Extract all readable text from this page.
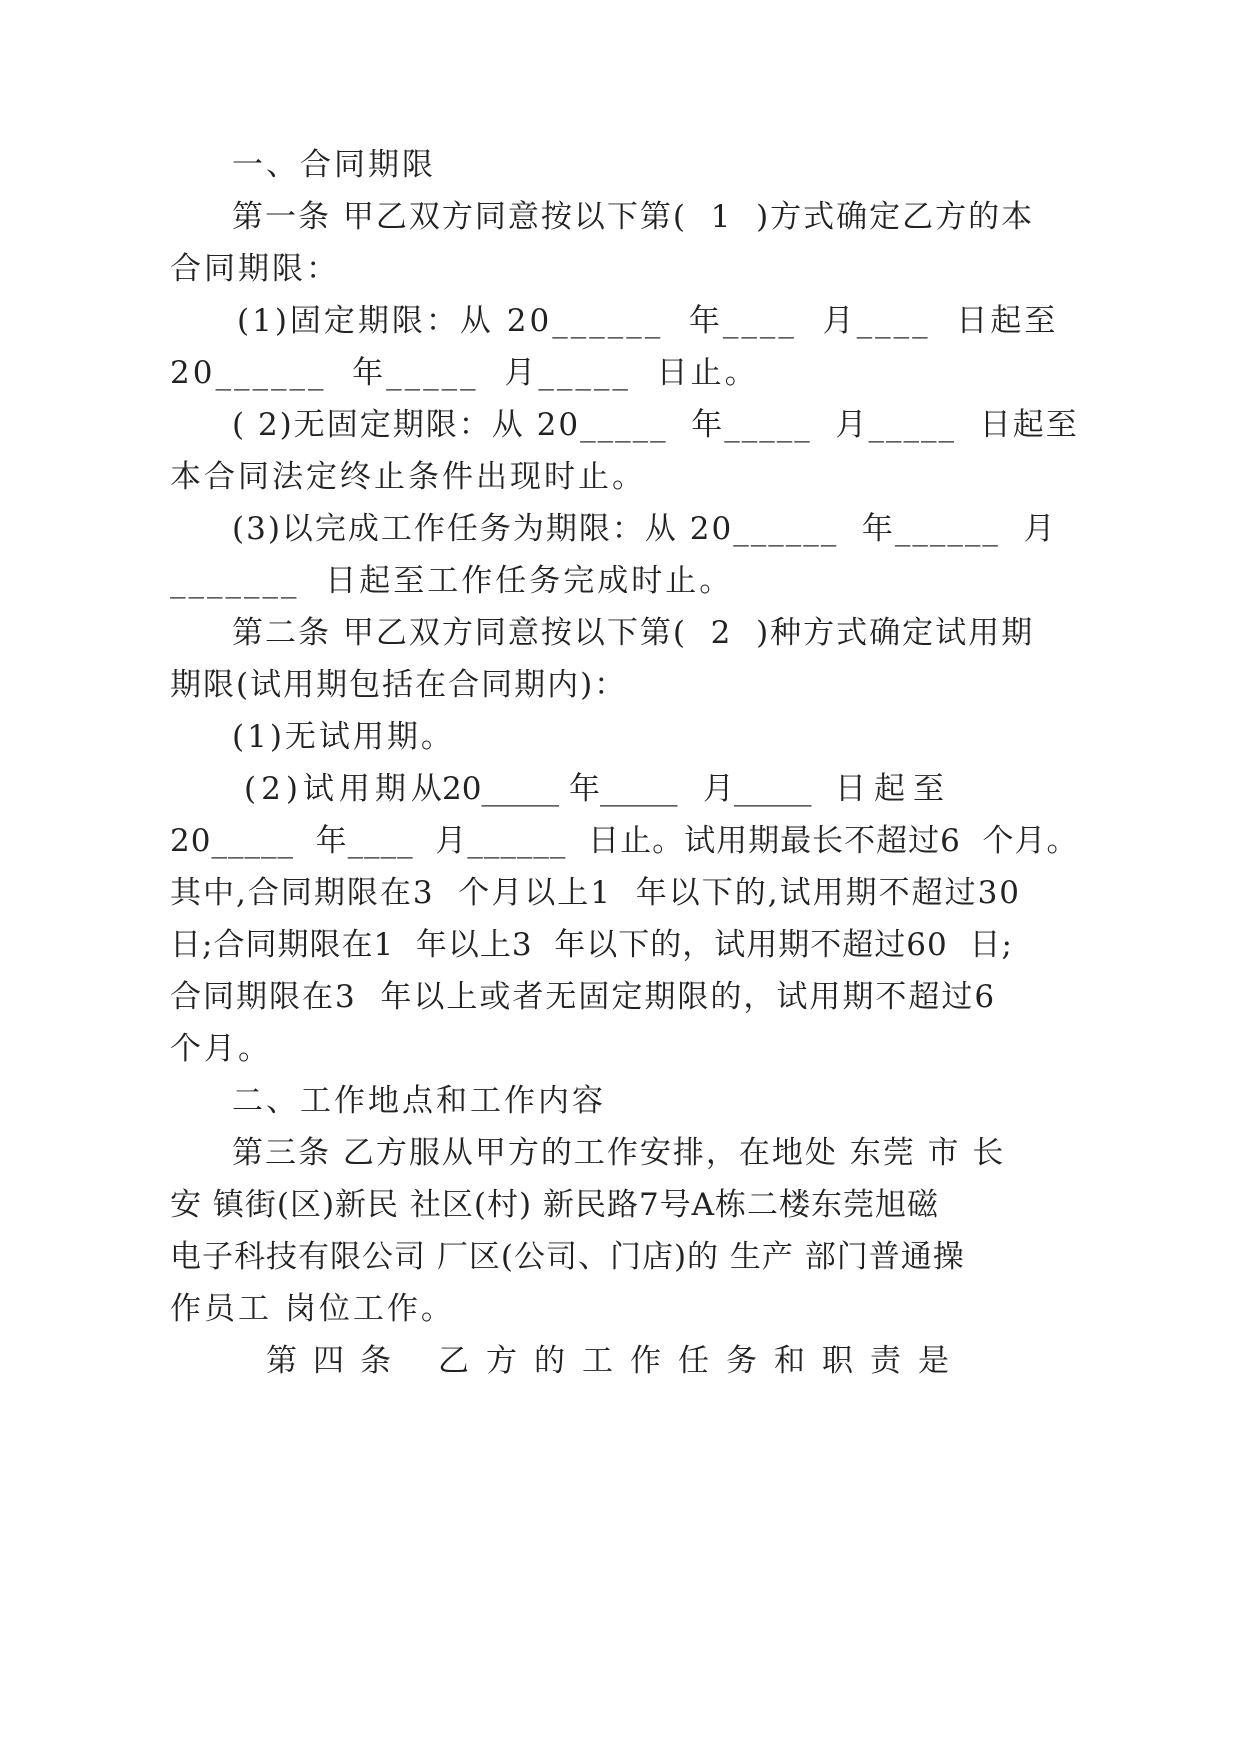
一、合同期限

第一条 甲乙双方同意按以下第(  1  )方式确定乙方的本

合同期限：

(1)固定期限：从 20______  年____  月____  日起至

20______  年_____  月_____  日止。

( 2)无固定期限：从 20_____  年_____  月_____  日起至

本合同法定终止条件出现时止。

(3)以完成工作任务为期限：从 20______  年______  月

_______  日起至工作任务完成时止。

第二条 甲乙双方同意按以下第(  2  )种方式确定试用期

期限(试用期包括在合同期内)：

(1)无试用期。

(2)试用期从

20_____

年_____

月_____

日起至

20_____  年____  月______  日止。试用期最长不超过6  个月。

其中,合同期限在3  个月以上1  年以下的,试用期不超过30

日;合同期限在1  年以上3  年以下的，试用期不超过60  日;

合同期限在3  年以上或者无固定期限的，试用期不超过6

个月。

二、工作地点和工作内容

第三条 乙方服从甲方的工作安排，在地处 东莞 市 长

安 镇街(区)新民 社区(村) 新民路7号A栋二楼东莞旭磁

电子科技有限公司 厂区(公司、门店)的 生产 部门普通操

作员工 岗位工作。

第四条

乙方的工作任务和职责是
